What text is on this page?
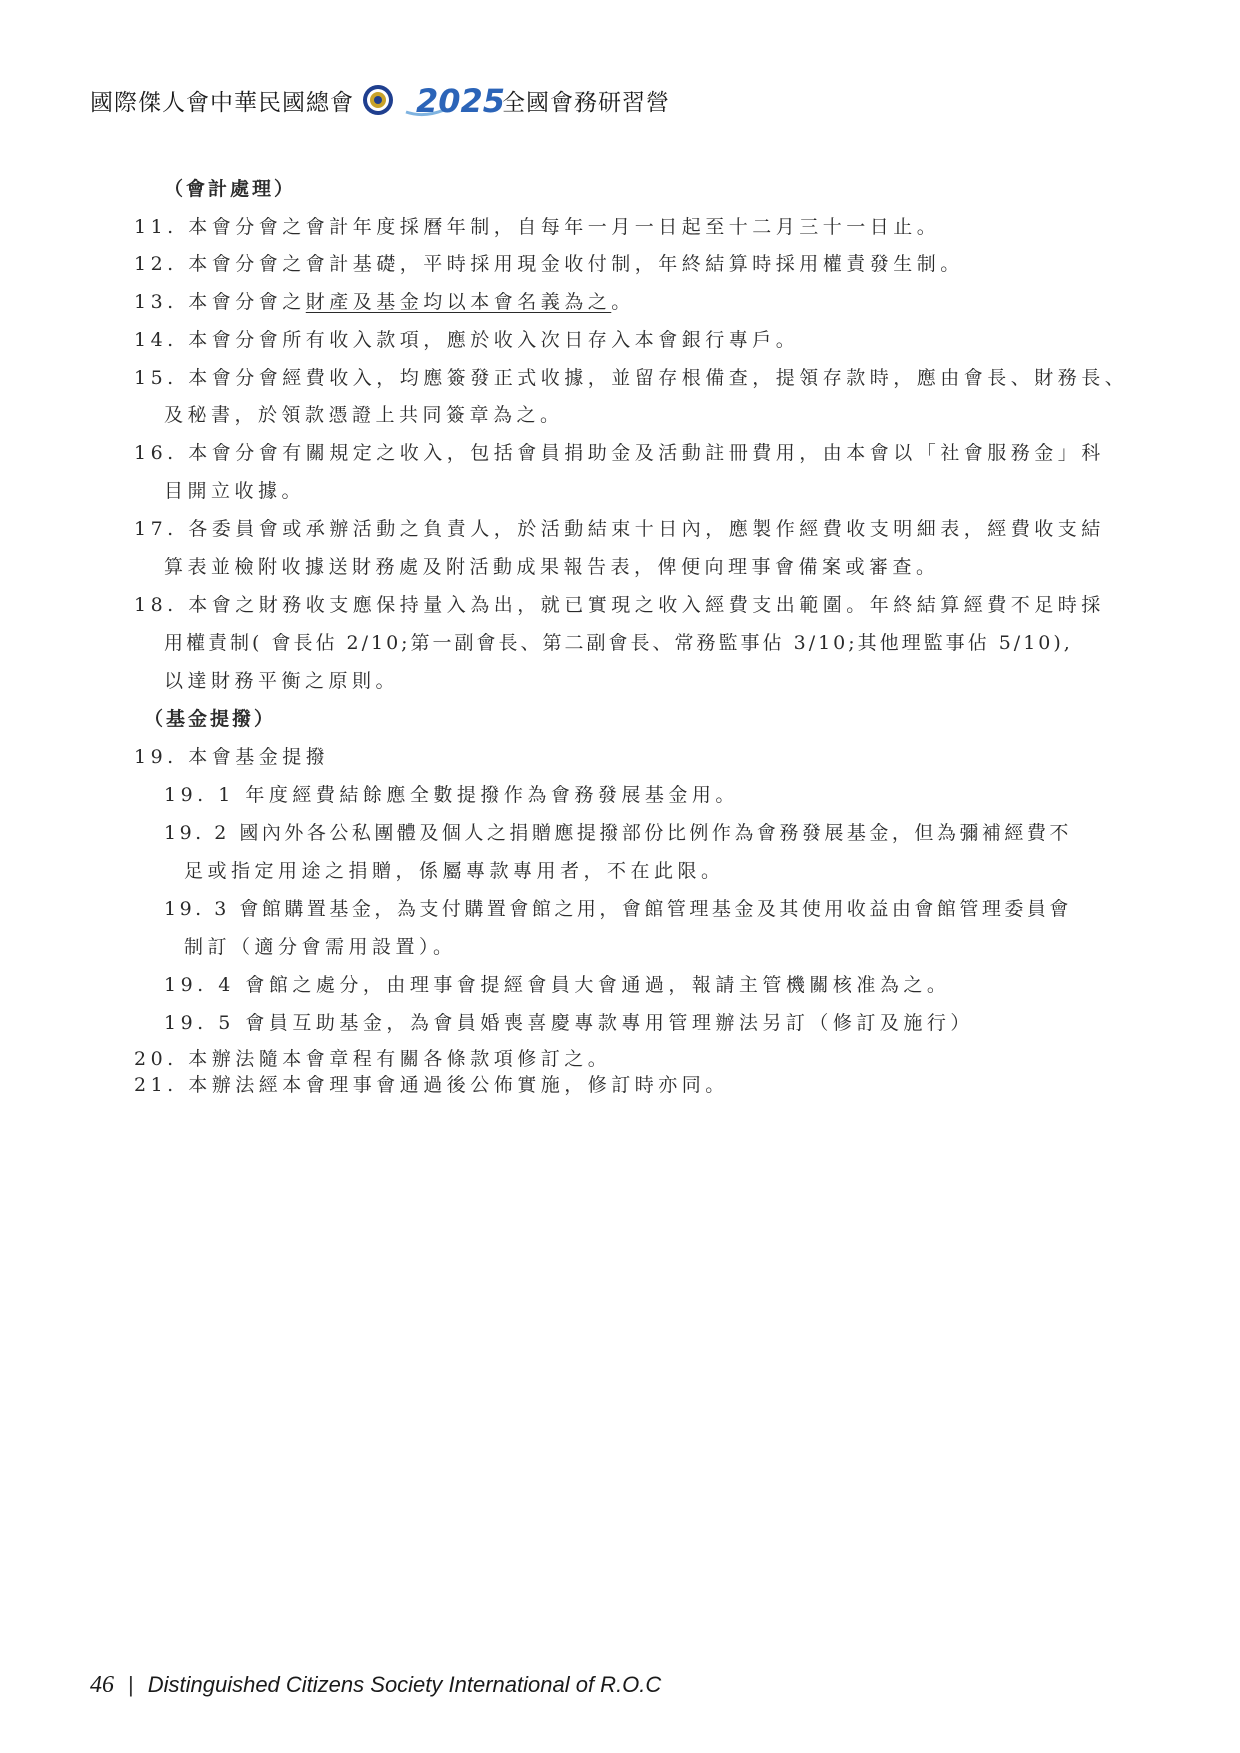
國際傑人會中華民國總會 2025
全國會務研習營
（會計處理）
11. 本會分會之會計年度採曆年制，自每年一月一日起至十二月三十一日止。
12. 本會分會之會計基礎，平時採用現金收付制，年終結算時採用權責發生制。
13. 本會分會之財產及基金均以本會名義為之。
14. 本會分會所有收入款項，應於收入次日存入本會銀行專戶。
15. 本會分會經費收入，均應簽發正式收據，並留存根備查，提領存款時，應由會長、財務長、
及秘書，於領款憑證上共同簽章為之。
16. 本會分會有關規定之收入，包括會員捐助金及活動註冊費用，由本會以「社會服務金」科
目開立收據。
17. 各委員會或承辦活動之負責人，於活動結束十日內，應製作經費收支明細表，經費收支結
算表並檢附收據送財務處及附活動成果報告表，俾便向理事會備案或審查。
18. 本會之財務收支應保持量入為出，就已實現之收入經費支出範圍。年終結算經費不足時採
用權責制( 會長佔 2/10;第一副會長、第二副會長、常務監事佔 3/10;其他理監事佔 5/10),
以達財務平衡之原則。
（基金提撥）
19. 本會基金提撥
19. 1 年度經費結餘應全數提撥作為會務發展基金用。
19. 2 國內外各公私團體及個人之捐贈應提撥部份比例作為會務發展基金，但為彌補經費不
足或指定用途之捐贈，係屬專款專用者，不在此限。
19. 3 會館購置基金，為支付購置會館之用，會館管理基金及其使用收益由會館管理委員會
制訂（適分會需用設置）。
19. 4 會館之處分，由理事會提經會員大會通過，報請主管機關核准為之。
19. 5 會員互助基金，為會員婚喪喜慶專款專用管理辦法另訂（修訂及施行）
20. 本辦法隨本會章程有關各條款項修訂之。
21. 本辦法經本會理事會通過後公佈實施，修訂時亦同。
46 | Distinguished Citizens Society International of R.O.C
